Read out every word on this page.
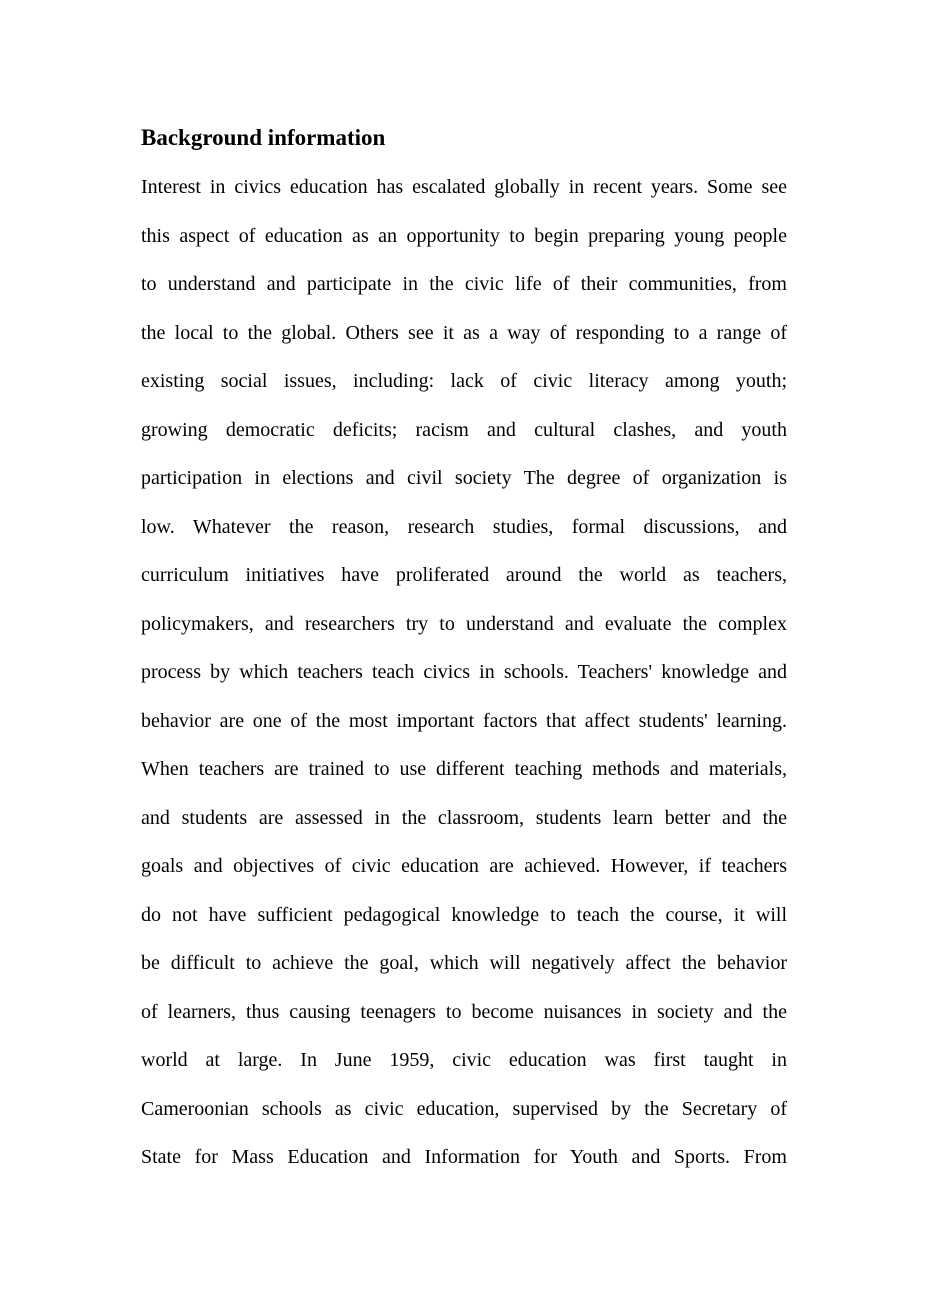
Background information
Interest in civics education has escalated globally in recent years. Some see
this aspect of education as an opportunity to begin preparing young people
to understand and participate in the civic life of their communities, from
the local to the global. Others see it as a way of responding to a range of
existing social issues, including: lack of civic literacy among youth;
growing democratic deficits; racism and cultural clashes, and youth
participation in elections and civil society The degree of organization is
low. Whatever the reason, research studies, formal discussions, and
curriculum initiatives have proliferated around the world as teachers,
policymakers, and researchers try to understand and evaluate the complex
process by which teachers teach civics in schools. Teachers' knowledge and
behavior are one of the most important factors that affect students' learning.
When teachers are trained to use different teaching methods and materials,
and students are assessed in the classroom, students learn better and the
goals and objectives of civic education are achieved. However, if teachers
do not have sufficient pedagogical knowledge to teach the course, it will
be difficult to achieve the goal, which will negatively affect the behavior
of learners, thus causing teenagers to become nuisances in society and the
world at large. In June 1959, civic education was first taught in
Cameroonian schools as civic education, supervised by the Secretary of
State for Mass Education and Information for Youth and Sports. From
